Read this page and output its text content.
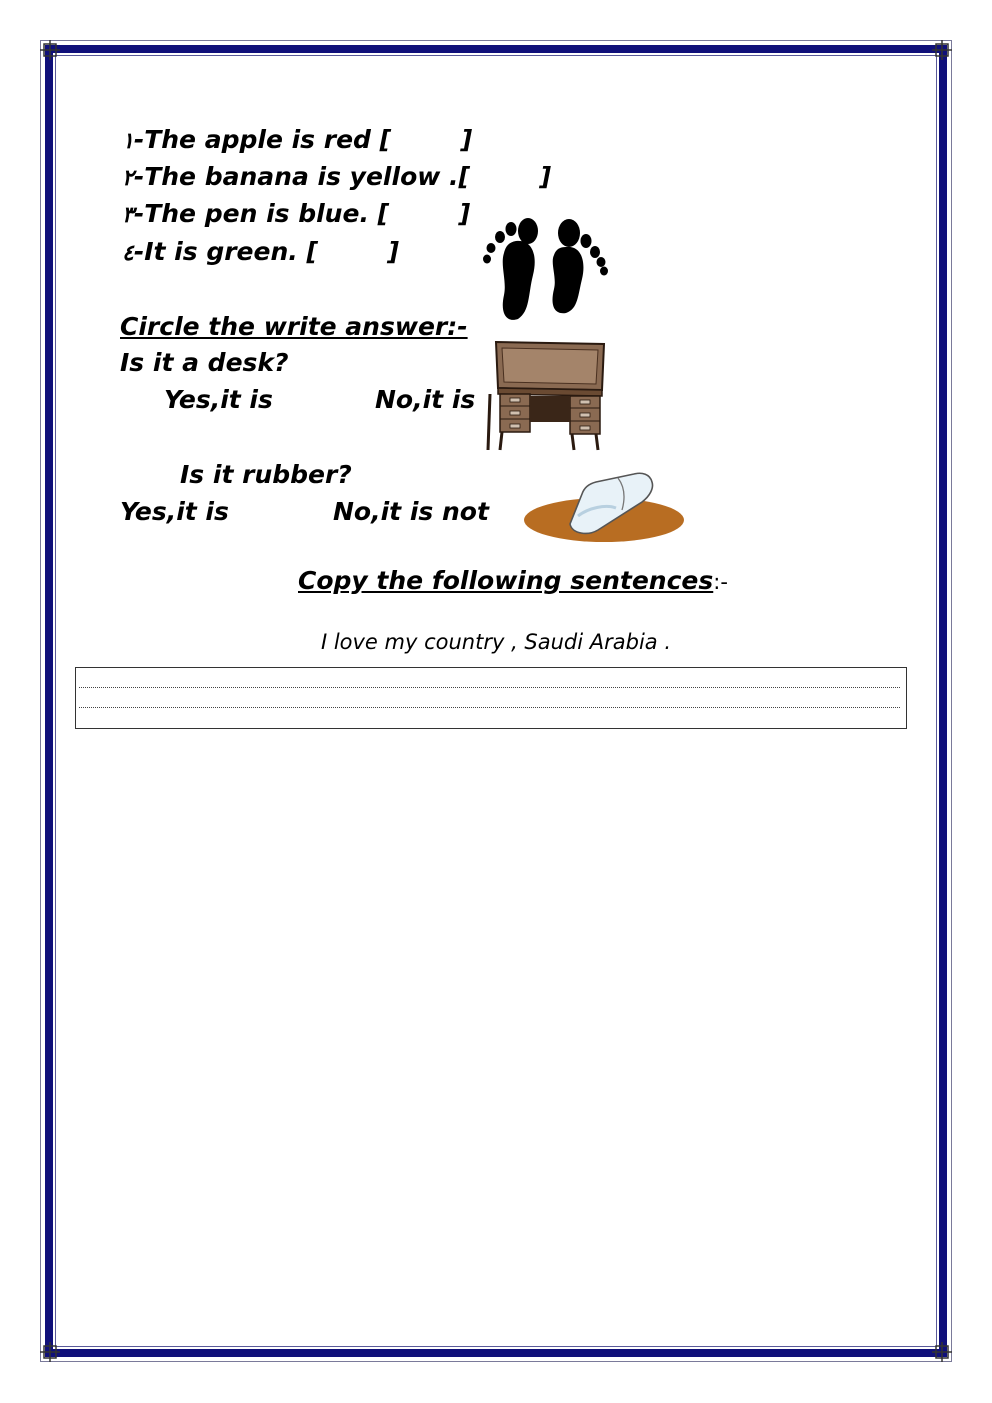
١-The apple is red [        ]
٢-The banana is yellow .[        ]
٣-The pen is blue. [        ]
٤-It is green. [        ]
Circle the write answer:-
Is it a desk?
Yes,it is	No,it is
Is it rubber?
Yes,it is	No,it is not
Copy the following sentences:-
I love my country , Saudi Arabia .
